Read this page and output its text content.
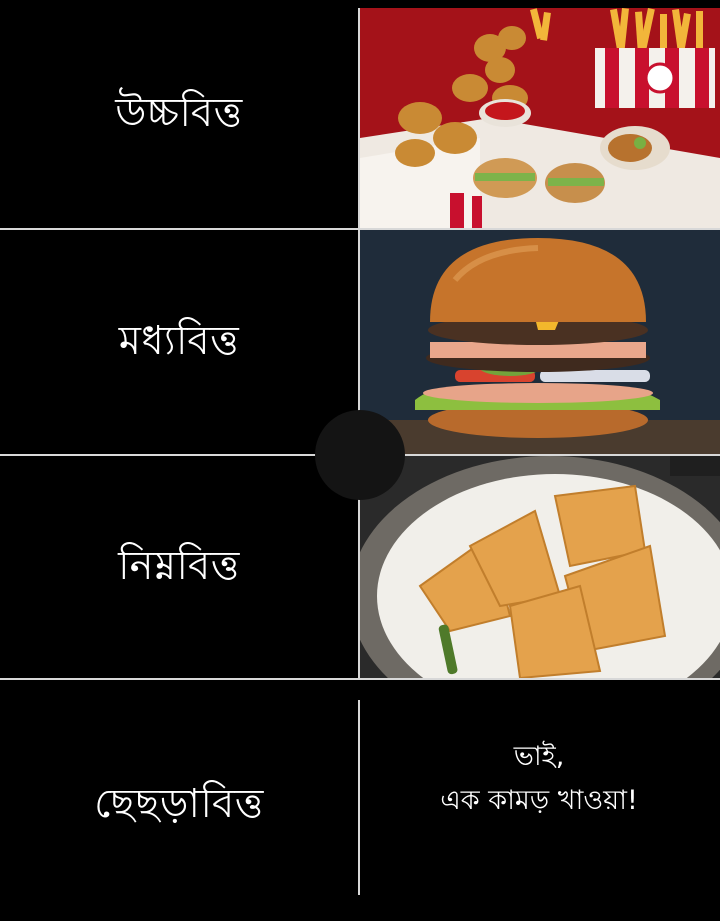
উচ্চবিত্ত
মধ্যবিত্ত
নিম্নবিত্ত
ছেছড়াবিত্ত
ভাই,
এক কামড় খাওয়া!
